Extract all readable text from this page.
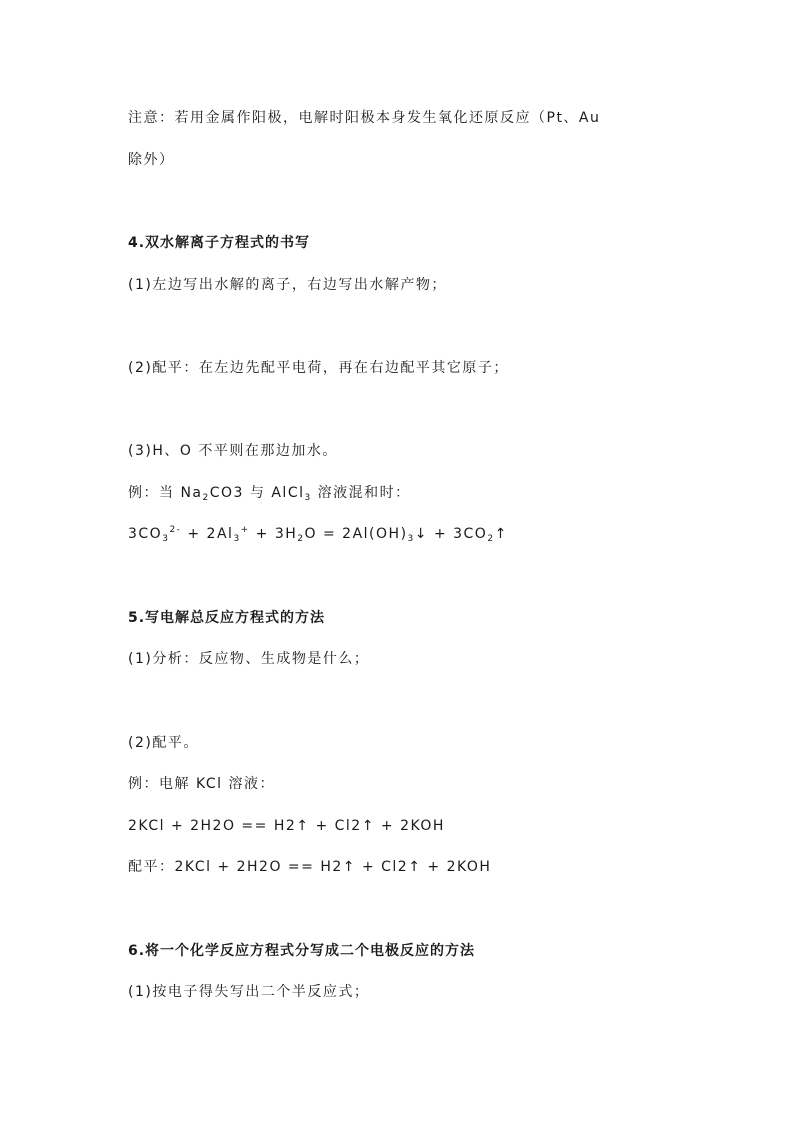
注意：若用金属作阳极，电解时阳极本身发生氧化还原反应（Pt、Au
除外）
4.双水解离子方程式的书写
(1)左边写出水解的离子，右边写出水解产物；
(2)配平：在左边先配平电荷，再在右边配平其它原子；
(3)H、O 不平则在那边加水。
例：当 $Na_2CO3$ 与 AlCl$_3$ 溶液混和时：
$3CO_3^{2-} + 2Al_3^+ + 3H_2O$ = $2Al(OH)_3↓$ + $3CO_2↑$
5.写电解总反应方程式的方法
(1)分析：反应物、生成物是什么；
(2)配平。
例：电解 KCl 溶液：
2KCl + 2H2O == H2↑ + Cl2↑ + 2KOH
配平：2KCl + 2H2O == H2↑ + Cl2↑ + 2KOH
6.将一个化学反应方程式分写成二个电极反应的方法
(1)按电子得失写出二个半反应式；
